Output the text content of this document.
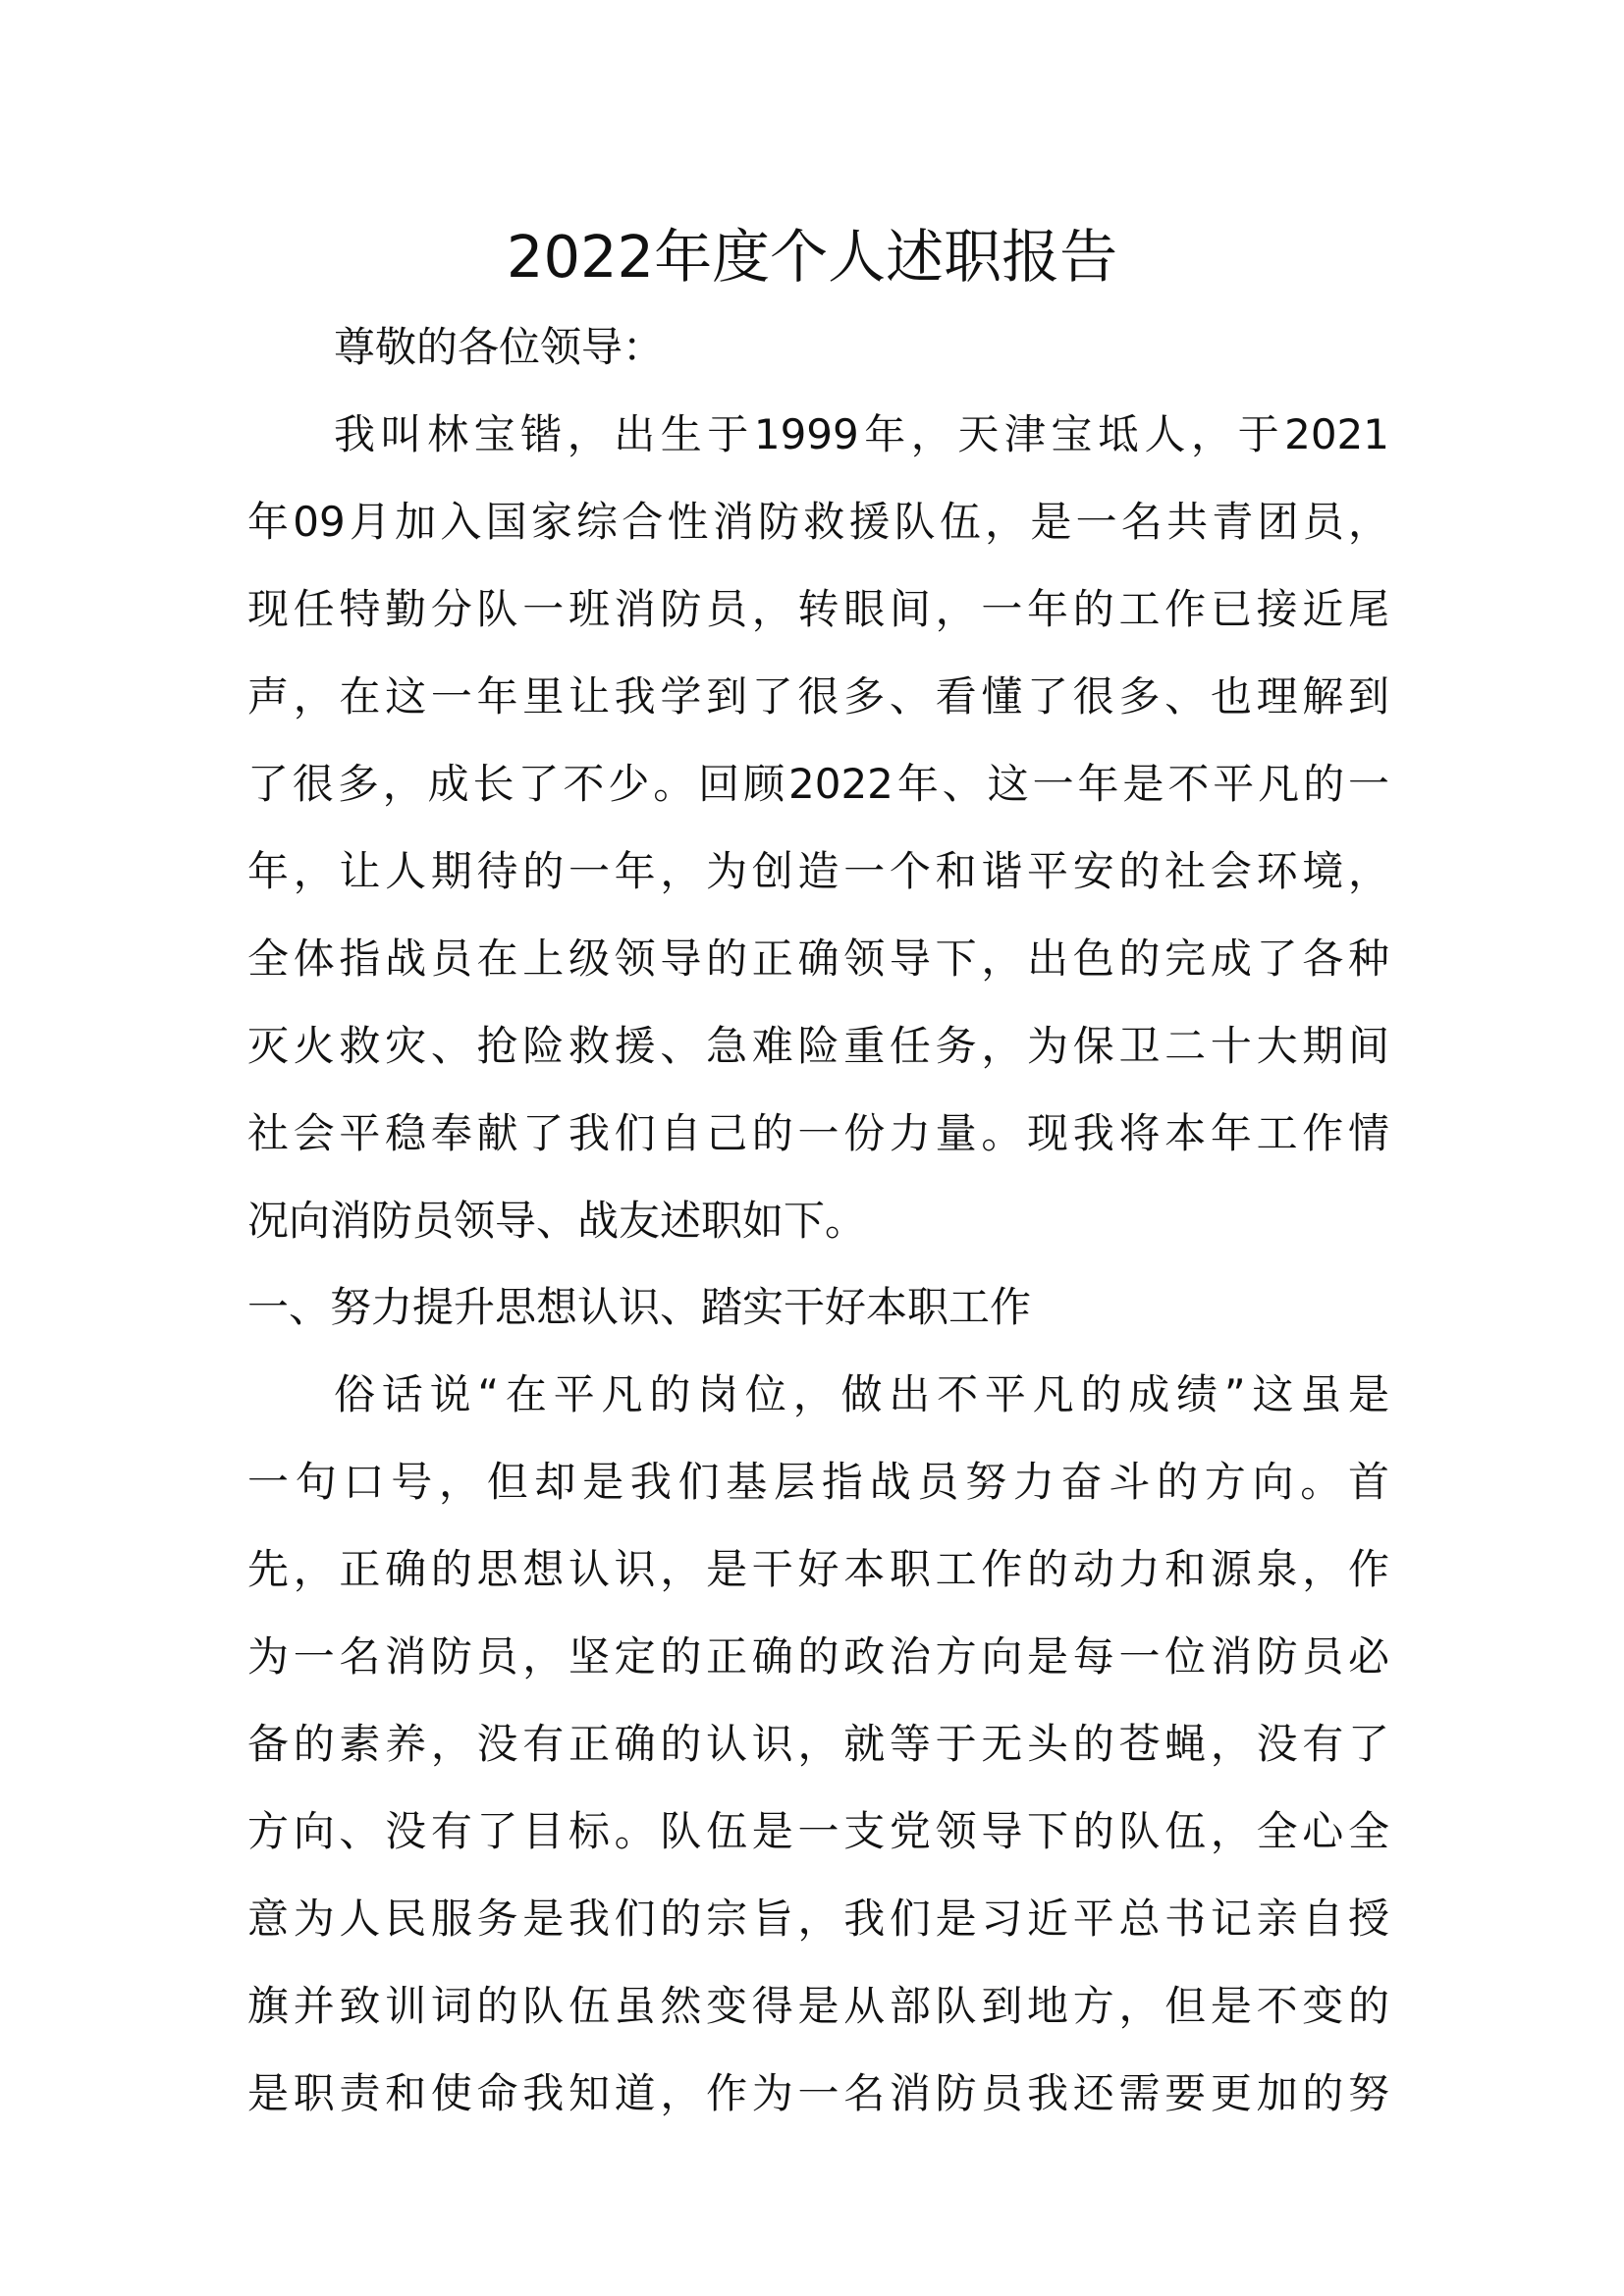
2022年度个人述职报告
尊敬的各位领导：
我叫林宝锴，出生于1999年，天津宝坻人，于2021
年09月加入国家综合性消防救援队伍，是一名共青团员，
现任特勤分队一班消防员，转眼间，一年的工作已接近尾
声，在这一年里让我学到了很多、看懂了很多、也理解到
了很多，成长了不少。回顾2022年、这一年是不平凡的一
年，让人期待的一年，为创造一个和谐平安的社会环境，
全体指战员在上级领导的正确领导下，出色的完成了各种
灭火救灾、抢险救援、急难险重任务，为保卫二十大期间
社会平稳奉献了我们自己的一份力量。现我将本年工作情
况向消防员领导、战友述职如下。
一、努力提升思想认识、踏实干好本职工作
俗话说“在平凡的岗位，做出不平凡的成绩”这虽是
一句口号，但却是我们基层指战员努力奋斗的方向。首
先，正确的思想认识，是干好本职工作的动力和源泉，作
为一名消防员，坚定的正确的政治方向是每一位消防员必
备的素养，没有正确的认识，就等于无头的苍蝇，没有了
方向、没有了目标。队伍是一支党领导下的队伍，全心全
意为人民服务是我们的宗旨，我们是习近平总书记亲自授
旗并致训词的队伍虽然变得是从部队到地方，但是不变的
是职责和使命我知道，作为一名消防员我还需要更加的努
